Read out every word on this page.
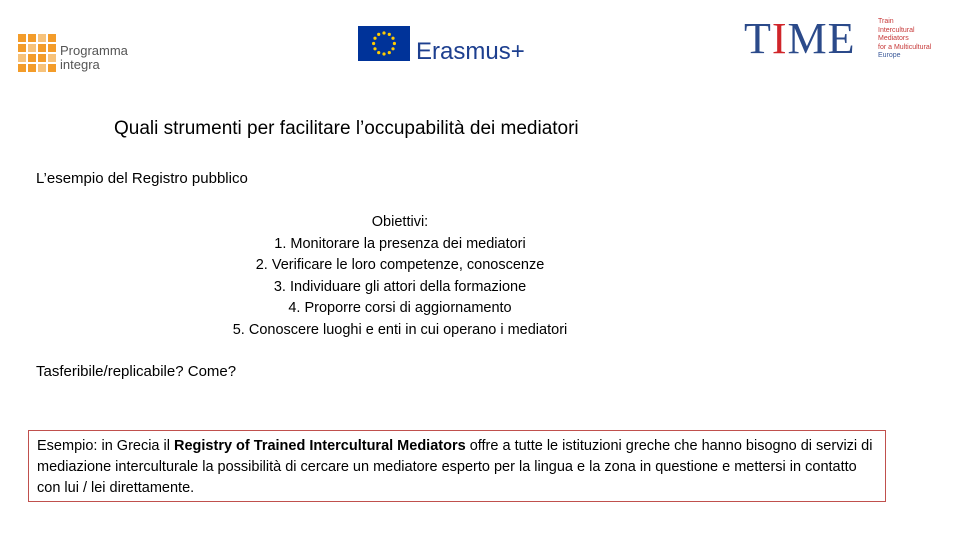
Programma
integra	Erasmus+	TIME	Train
Intercultural
Mediators
for a Multicultural
Europe
Quali strumenti per facilitare l’occupabilità dei mediatori
L’esempio del Registro pubblico
Obiettivi:
1. Monitorare la presenza dei mediatori
2. Verificare le loro competenze, conoscenze
3. Individuare gli attori della formazione
4. Proporre corsi di aggiornamento
5. Conoscere luoghi e enti in cui operano i mediatori
Tasferibile/replicabile? Come?
Esempio: in Grecia il Registry of Trained Intercultural Mediators offre a tutte le istituzioni greche che hanno bisogno di servizi di mediazione interculturale la possibilità di cercare un mediatore esperto per la lingua e la zona in questione e mettersi in contatto con lui / lei direttamente.
